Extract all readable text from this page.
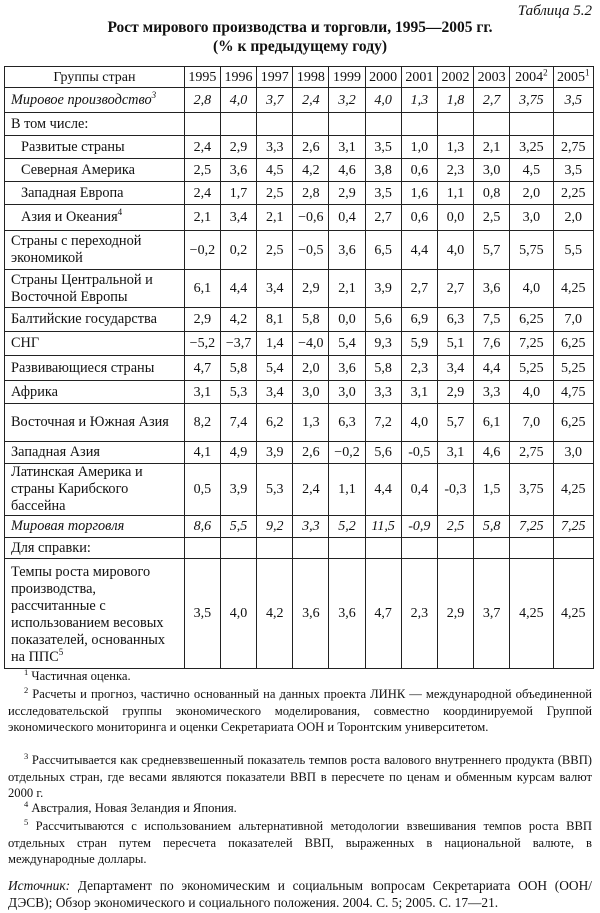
Таблица 5.2
Рост мирового производства и торговли, 1995—2005 гг.
(% к предыдущему году)
Группы стран	1995	1996	1997	1998	1999	2000	2001	2002	2003	2004$^2$	2005$^1$
Мировое производство$^3$	2,8	4,0	3,7	2,4	3,2	4,0	1,3	1,8	2,7	3,75	3,5
В том числе:											
Развитые страны	2,4	2,9	3,3	2,6	3,1	3,5	1,0	1,3	2,1	3,25	2,75
Северная Америка	2,5	3,6	4,5	4,2	4,6	3,8	0,6	2,3	3,0	4,5	3,5
Западная Европа	2,4	1,7	2,5	2,8	2,9	3,5	1,6	1,1	0,8	2,0	2,25
Азия и Океания$^4$	2,1	3,4	2,1	−0,6	0,4	2,7	0,6	0,0	2,5	3,0	2,0
Страны с переходной экономикой	−0,2	0,2	2,5	−0,5	3,6	6,5	4,4	4,0	5,7	5,75	5,5
Страны Центральной и Восточной Европы	6,1	4,4	3,4	2,9	2,1	3,9	2,7	2,7	3,6	4,0	4,25
Балтийские государства	2,9	4,2	8,1	5,8	0,0	5,6	6,9	6,3	7,5	6,25	7,0
СНГ	−5,2	−3,7	1,4	−4,0	5,4	9,3	5,9	5,1	7,6	7,25	6,25
Развивающиеся страны	4,7	5,8	5,4	2,0	3,6	5,8	2,3	3,4	4,4	5,25	5,25
Африка	3,1	5,3	3,4	3,0	3,0	3,3	3,1	2,9	3,3	4,0	4,75
Восточная и Южная Азия	8,2	7,4	6,2	1,3	6,3	7,2	4,0	5,7	6,1	7,0	6,25
Западная Азия	4,1	4,9	3,9	2,6	−0,2	5,6	-0,5	3,1	4,6	2,75	3,0
Латинская Америка и страны Карибского бассейна	0,5	3,9	5,3	2,4	1,1	4,4	0,4	-0,3	1,5	3,75	4,25
Мировая торговля	8,6	5,5	9,2	3,3	5,2	11,5	-0,9	2,5	5,8	7,25	7,25
Для справки:											
Темпы роста мирового производства, рассчитанные с использованием весовых показателей, основанных на ППС$^5$	3,5	4,0	4,2	3,6	3,6	4,7	2,3	2,9	3,7	4,25	4,25
$^1$ Частичная оценка.
$^2$ Расчеты и прогноз, частично основанный на данных проекта ЛИНК — международной объединенной исследовательской группы экономического моделирования, совместно координируемой Группой экономического мониторинга и оценки Секретариата ООН и Торонтским университетом.
$^3$ Рассчитывается как средневзвешенный показатель темпов роста валового внутреннего продукта (ВВП) отдельных стран, где весами являются показатели ВВП в пересчете по ценам и обменным курсам валют 2000 г.
$^4$ Австралия, Новая Зеландия и Япония.
$^5$ Рассчитываются с использованием альтернативной методологии взвешивания темпов роста ВВП отдельных стран путем пересчета показателей ВВП, выраженных в национальной валюте, в международные доллары.
Источник: Департамент по экономическим и социальным вопросам Секретариата ООН (ООН/ДЭСВ); Обзор экономического и социального положения. 2004. С. 5; 2005. С. 17—21.
